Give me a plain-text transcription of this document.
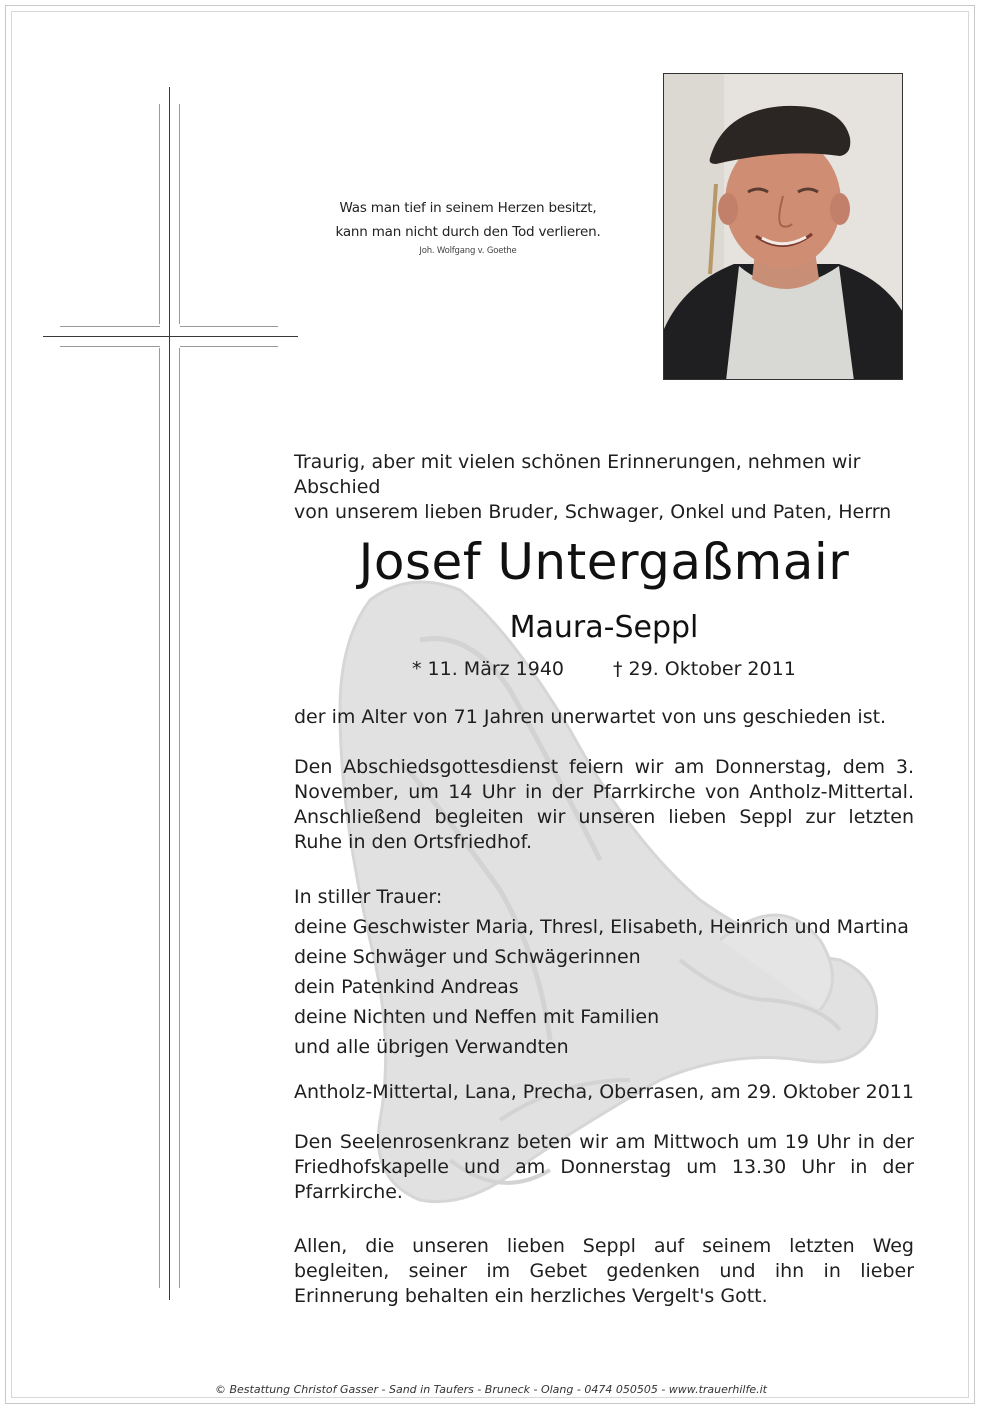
Was man tief in seinem Herzen besitzt,
kann man nicht durch den Tod verlieren.
Joh. Wolfgang v. Goethe
Traurig, aber mit vielen schönen Erinnerungen, nehmen wir Abschied
von unserem lieben Bruder, Schwager, Onkel und Paten, Herrn
Josef Untergaßmair
Maura-Seppl
* 11. März 1940	† 29. Oktober 2011
der im Alter von 71 Jahren unerwartet von uns geschieden ist.
Den Abschiedsgottesdienst feiern wir am Donnerstag, dem 3. November, um 14 Uhr in der Pfarrkirche von Antholz-Mittertal. Anschließend begleiten wir unseren lieben Seppl zur letzten Ruhe in den Ortsfriedhof.
In stiller Trauer:
deine Geschwister Maria, Thresl, Elisabeth, Heinrich und Martina
deine Schwäger und Schwägerinnen
dein Patenkind Andreas
deine Nichten und Neffen mit Familien
und alle übrigen Verwandten
Antholz-Mittertal, Lana, Precha, Oberrasen, am 29. Oktober 2011
Den Seelenrosenkranz beten wir am Mittwoch um 19 Uhr in der Friedhofskapelle und am Donnerstag um 13.30 Uhr in der Pfarrkirche.
Allen, die unseren lieben Seppl auf seinem letzten Weg begleiten, seiner im Gebet gedenken und ihn in lieber Erinnerung behalten ein herzliches Vergelt's Gott.
© Bestattung Christof Gasser - Sand in Taufers - Bruneck - Olang - 0474 050505 - www.trauerhilfe.it
